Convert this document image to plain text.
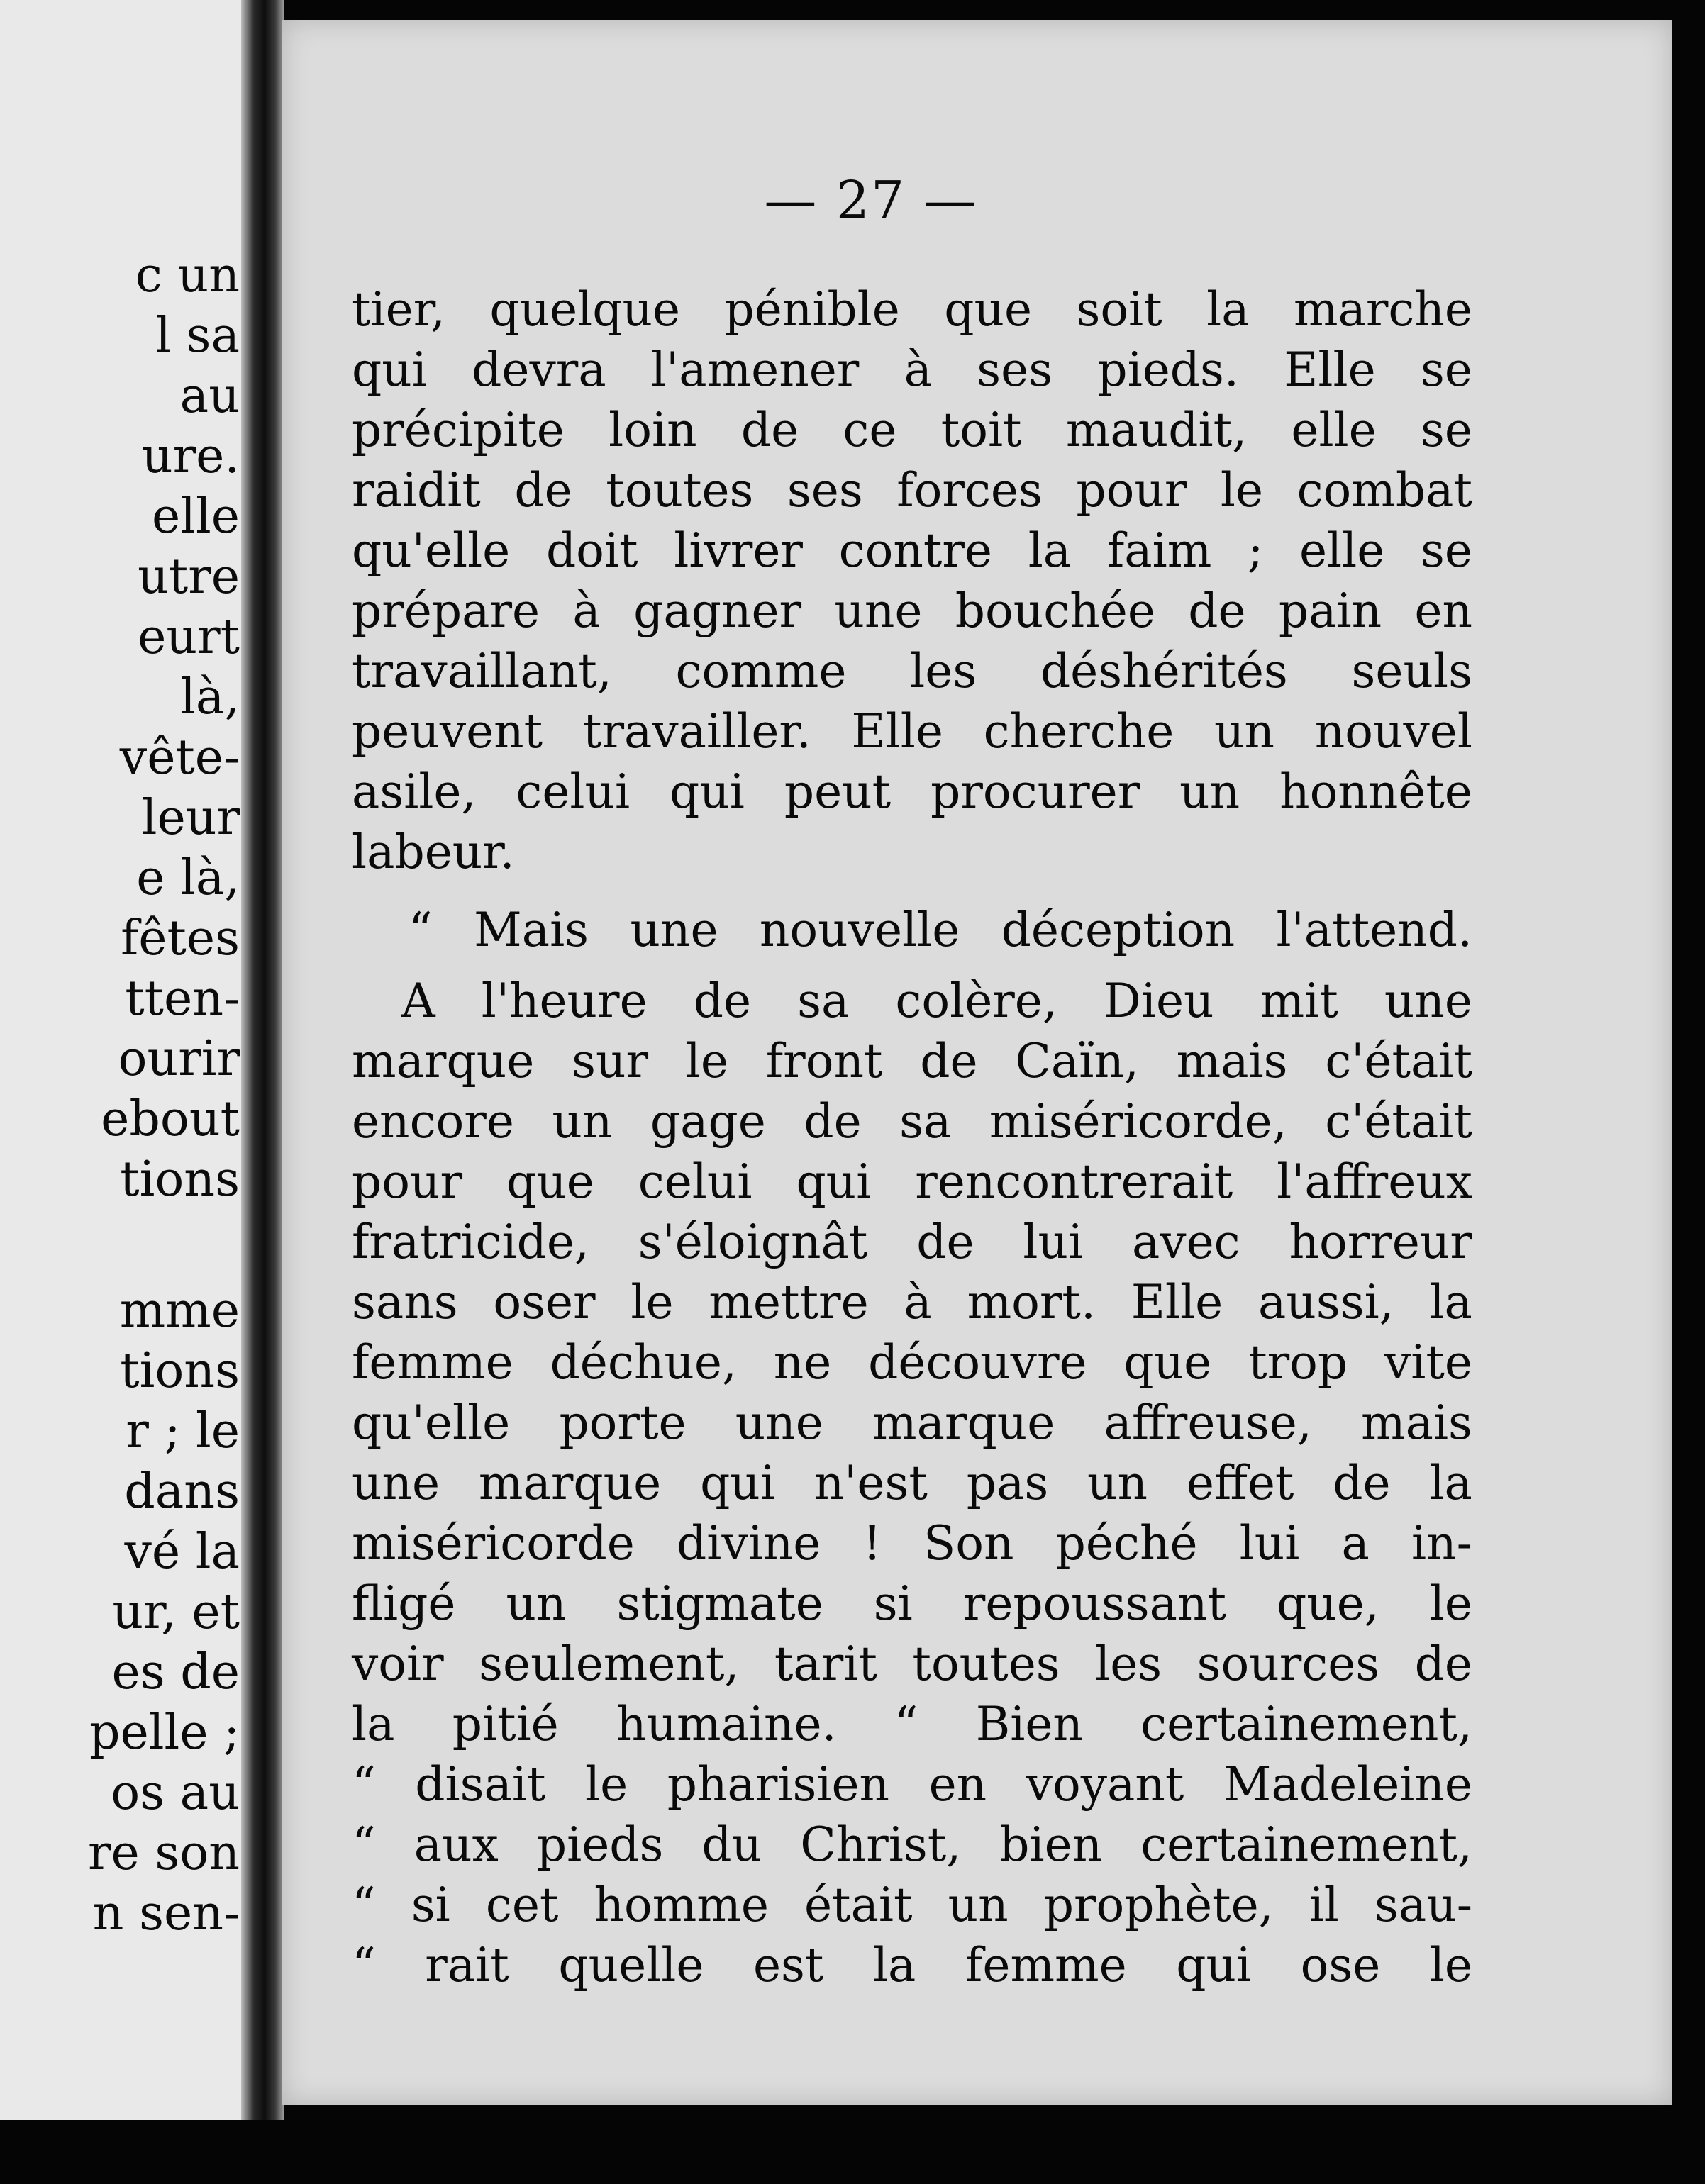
c un
l sa
au
ure.
elle
utre
eurt
là,
vête-
leur
e là,
fêtes
tten-
ourir
ebout
tions
mme
tions
r ; le
dans
vé la
ur, et
es de
pelle ;
os au
re son
n sen-
— 27 —
tier, quelque pénible que soit la marche
qui devra l'amener à ses pieds. Elle se
précipite loin de ce toit maudit, elle se
raidit de toutes ses forces pour le combat
qu'elle doit livrer contre la faim ; elle se
prépare à gagner une bouchée de pain en
travaillant, comme les déshérités seuls
peuvent travailler. Elle cherche un nouvel
asile, celui qui peut procurer un honnête
labeur.
“ Mais une nouvelle déception l'attend.
A l'heure de sa colère, Dieu mit une
marque sur le front de Caïn, mais c'était
encore un gage de sa miséricorde, c'était
pour que celui qui rencontrerait l'affreux
fratricide, s'éloignât de lui avec horreur
sans oser le mettre à mort. Elle aussi, la
femme déchue, ne découvre que trop vite
qu'elle porte une marque affreuse, mais
une marque qui n'est pas un effet de la
miséricorde divine ! Son péché lui a in-
fligé un stigmate si repoussant que, le
voir seulement, tarit toutes les sources de
la pitié humaine. “ Bien certainement,
“ disait le pharisien en voyant Madeleine
“ aux pieds du Christ, bien certainement,
“ si cet homme était un prophète, il sau-
“ rait quelle est la femme qui ose le
